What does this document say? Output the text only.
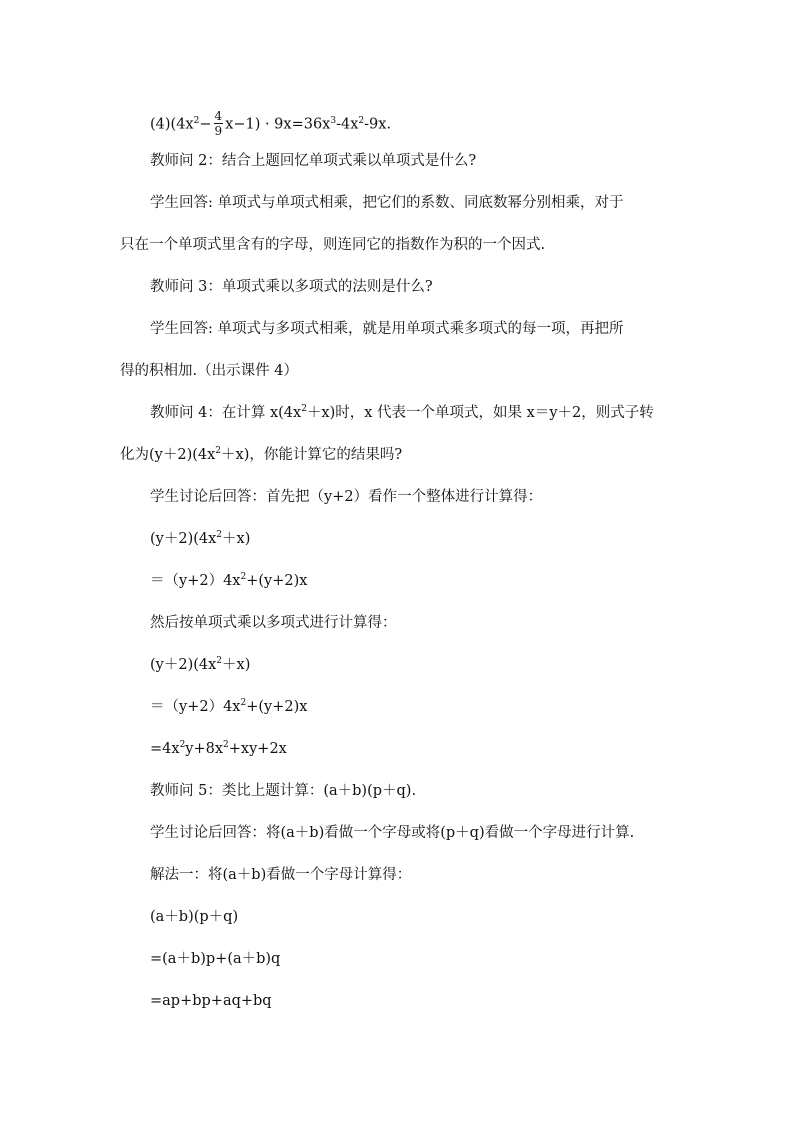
$(4)(4x^2- \frac{4}{9} x-1) \cdot 9x=36x^3-4x^2-9x$.
教师问 2：结合上题回忆单项式乘以单项式是什么?
学生回答: 单项式与单项式相乘，把它们的系数、同底数幂分别相乘，对于
只在一个单项式里含有的字母，则连同它的指数作为积的一个因式.
教师问 3：单项式乘以多项式的法则是什么?
学生回答: 单项式与多项式相乘，就是用单项式乘多项式的每一项，再把所
得的积相加.（出示课件 4）
教师问 4：在计算 $x(4x^2+x)$时，x 代表一个单项式，如果 x＝y＋2，则式子转
化为$(y+2)(4x^2+x)$，你能计算它的结果吗?
学生讨论后回答：首先把（y+2）看作一个整体进行计算得：
$(y+2)(4x^2+x)$
$=(y+2)4x^2+(y+2)x$
然后按单项式乘以多项式进行计算得：
$(y+2)(4x^2+x)$
$=(y+2)4x^2+(y+2)x$
$=4x^2y+8x^2+xy+2x$
教师问 5：类比上题计算：(a＋b)(p＋q).
学生讨论后回答：将(a＋b)看做一个字母或将(p＋q)看做一个字母进行计算.
解法一：将(a＋b)看做一个字母计算得：
(a＋b)(p＋q)
=(a＋b)p+(a＋b)q
=ap+bp+aq+bq
